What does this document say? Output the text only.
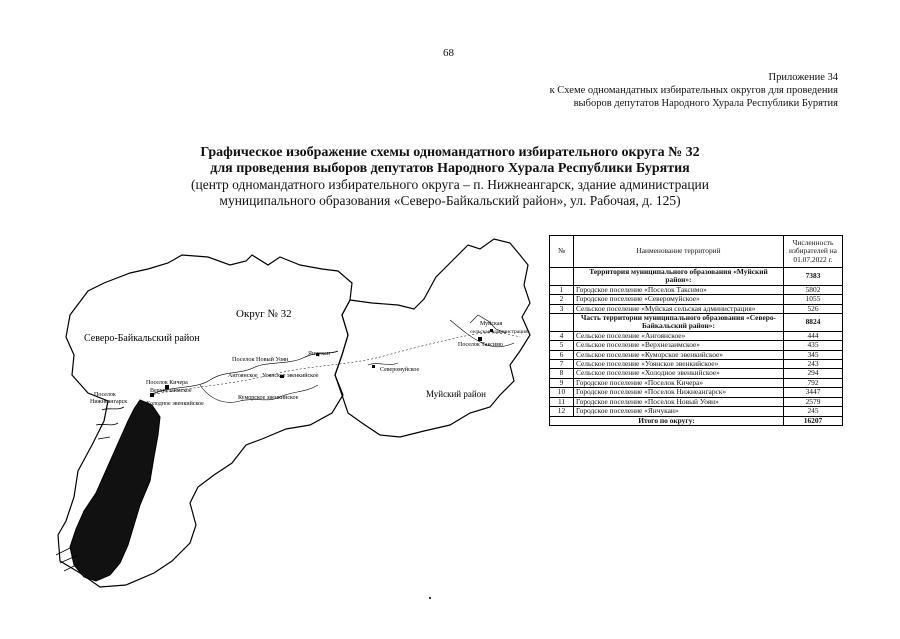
68
Приложение 34
к Схеме одномандатных избирательных округов для проведения
выборов депутатов Народного Хурала Республики Бурятия

Графическое изображение схемы одномандатного избирательного округа № 32

для проведения выборов депутатов Народного Хурала Республики Бурятия

(центр одномандатного избирательного округа – п. Нижнеангарск, здание администрации

муниципального образования «Северо-Байкальский район», ул. Рабочая, д. 125)

Округ № 32
Северо-Байкальский район
Муйский район
Поселок Новый Уоян
Янчукан
Ангоянское Уоянское эвенкийское
Поселок Кичера
Верхнезаимское
Холодное эвенкийское
Поселок
Нижнеангарск
Куморское эвенкийское
Северомуйское
Муйская
сельская администрация
Поселок Таксимо
№	Наименование территорий	Численность избирателей на 01.07.2022 г.
	Территория муниципального образования «Муйский район»:	7383
1	Городское поселение «Поселок Таксимо»	5802
2	Городское поселение «Северомуйское»	1055
3	Сельское поселение «Муйская сельская администрация»	526
	Часть территории муниципального образования «Северо-Байкальский район»:	8824
4	Сельское поселение «Ангоянское»	444
5	Сельское поселение «Верхнезаимское»	435
6	Сельское поселение «Куморское эвенкийское»	345
7	Сельское поселение «Уоянское эвенкийское»	243
8	Сельское поселение «Холодное эвенкийское»	294
9	Городское поселение «Поселок Кичера»	792
10	Городское поселение «Поселок Нижнеангарск»	3447
11	Городское поселение «Поселок Новый Уоян»	2579
12	Городское поселение «Янчукан»	245
Итого по округу:		16207
